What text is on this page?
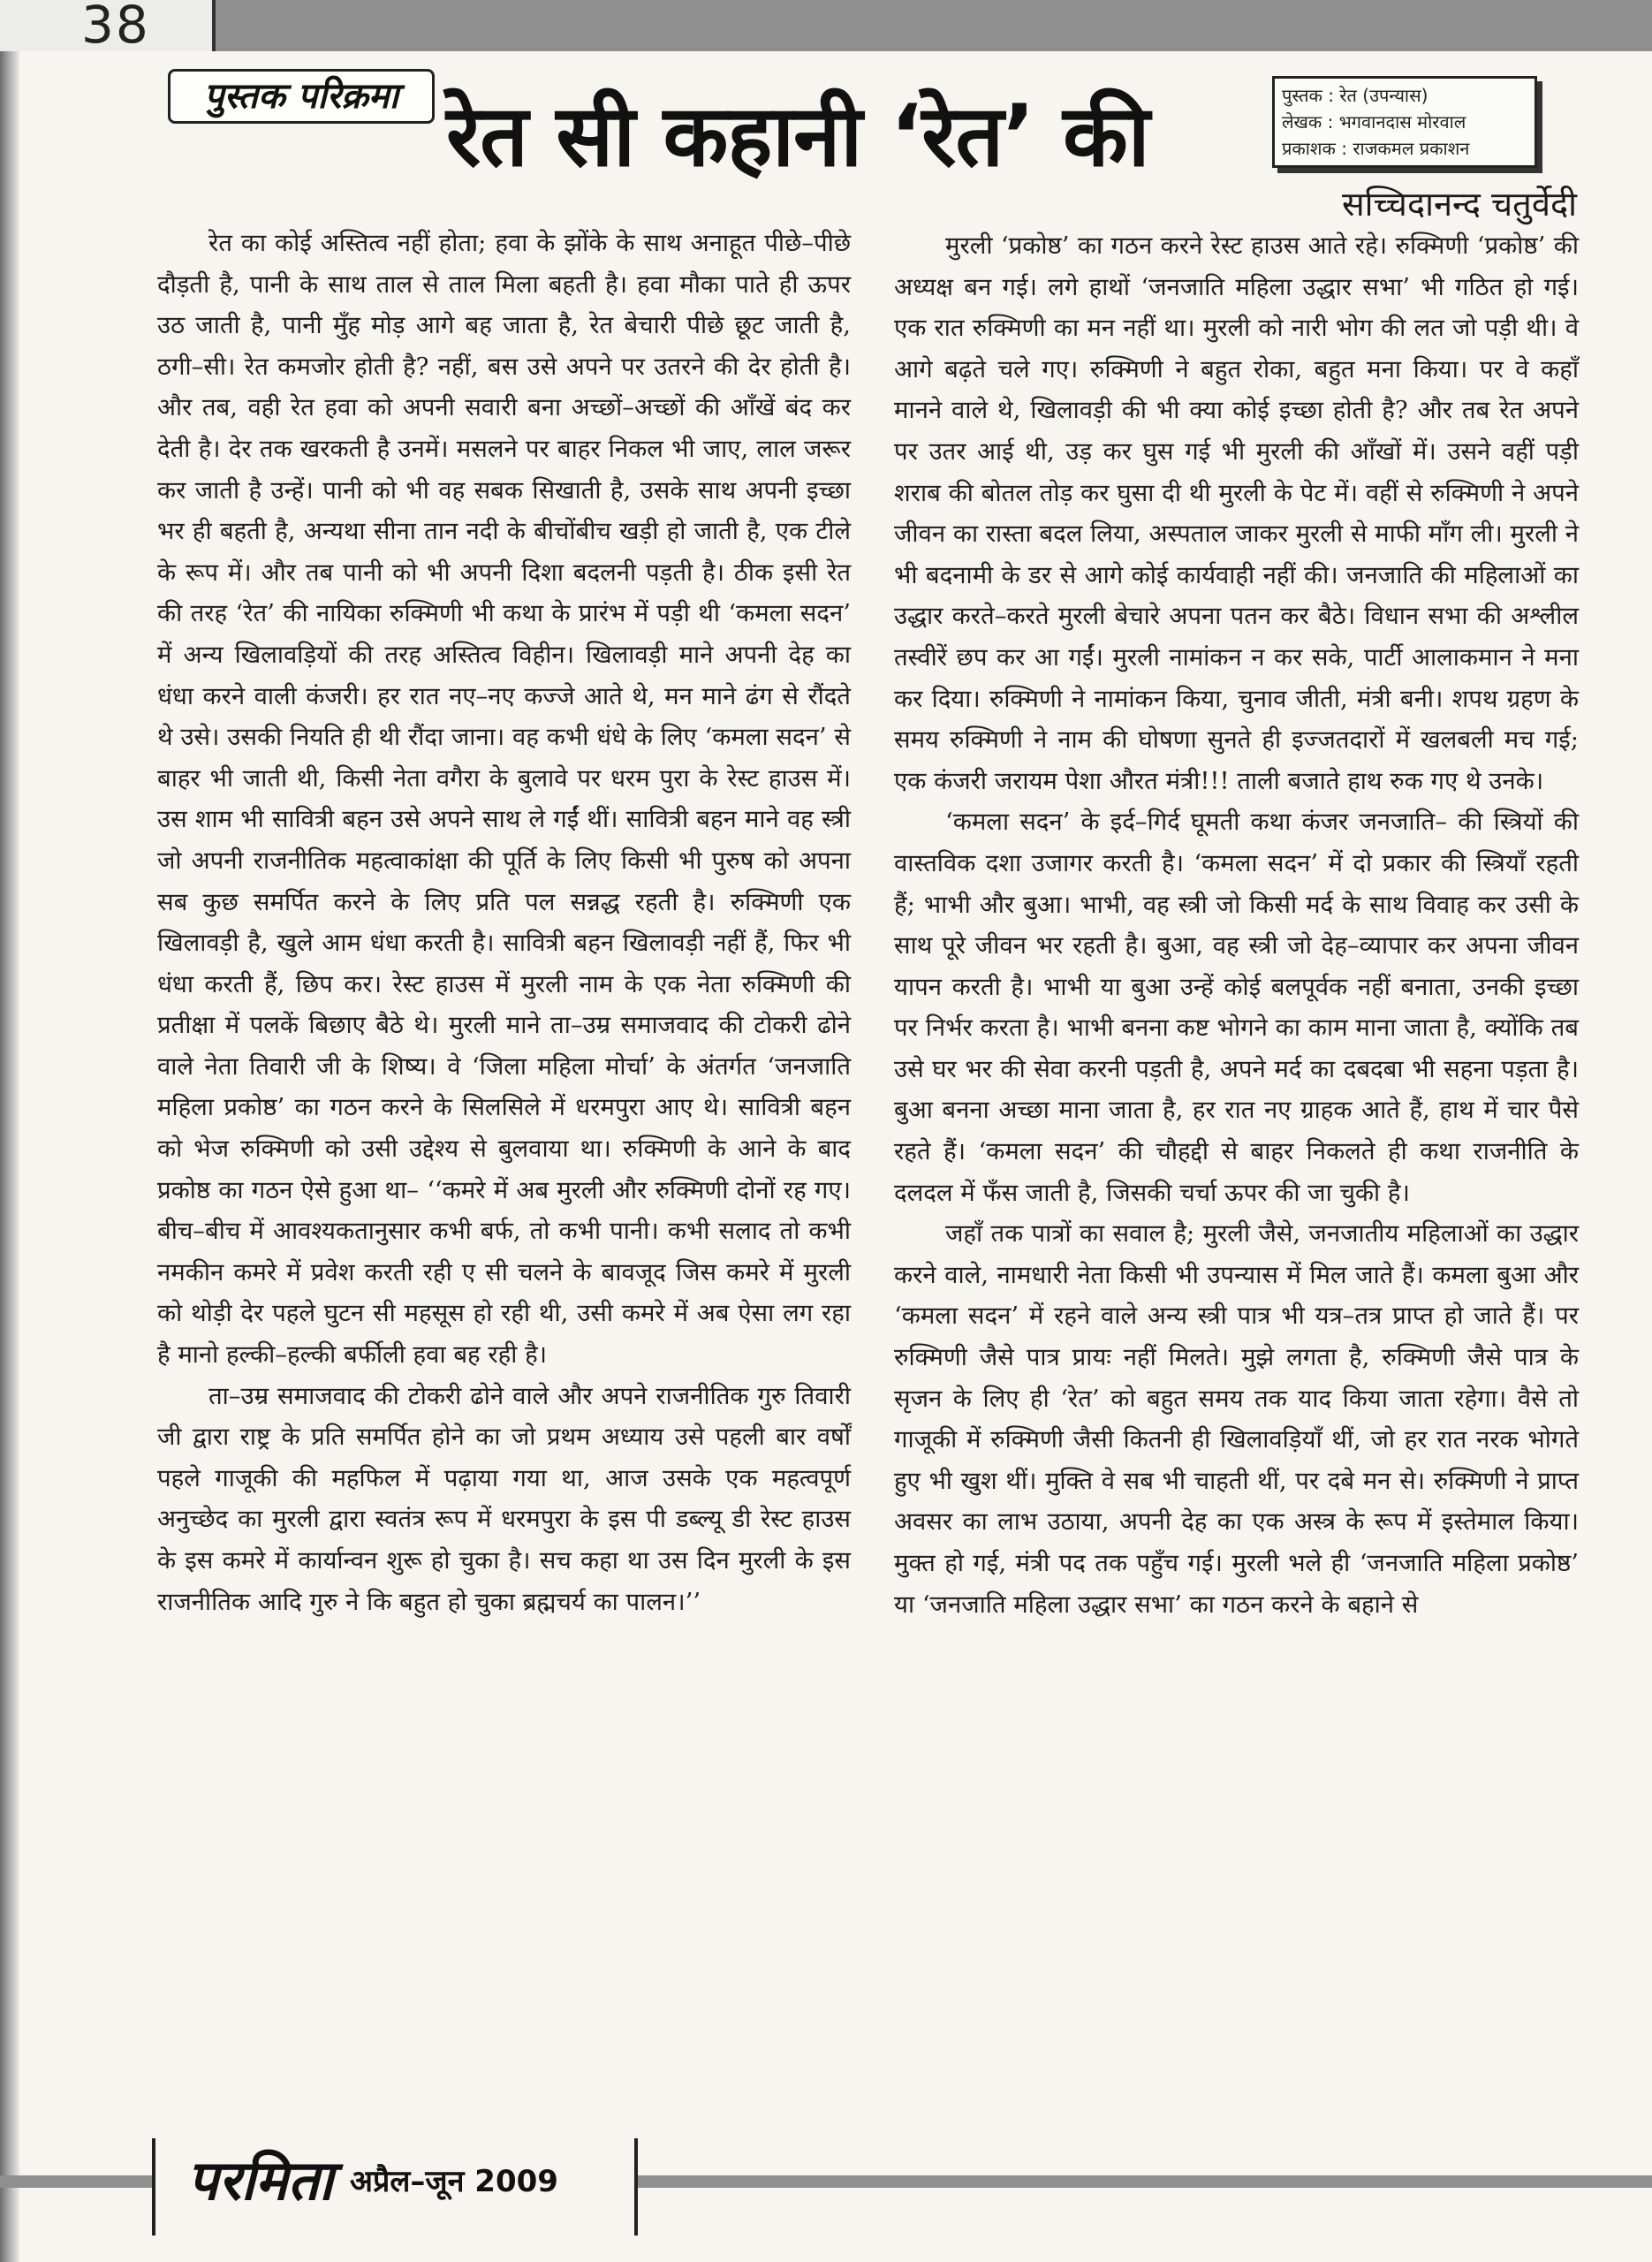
38
पुस्तक परिक्रमा रेत सी कहानी ‘रेत’ की	पुस्तक : रेत (उपन्यास)
लेखक : भगवानदास मोरवाल
प्रकाशक : राजकमल प्रकाशन
सच्चिदानन्द चतुर्वेदी

रेत का कोई अस्तित्व नहीं होता; हवा के झोंके के साथ अनाहूत पीछे–पीछे दौड़ती है, पानी के साथ ताल से ताल मिला बहती है। हवा मौका पाते ही ऊपर उठ जाती है, पानी मुँह मोड़ आगे बह जाता है, रेत बेचारी पीछे छूट जाती है, ठगी–सी। रेत कमजोर होती है? नहीं, बस उसे अपने पर उतरने की देर होती है। और तब, वही रेत हवा को अपनी सवारी बना अच्छों–अच्छों की आँखें बंद कर देती है। देर तक खरकती है उनमें। मसलने पर बाहर निकल भी जाए, लाल जरूर कर जाती है उन्हें। पानी को भी वह सबक सिखाती है, उसके साथ अपनी इच्छा भर ही बहती है, अन्यथा सीना तान नदी के बीचोंबीच खड़ी हो जाती है, एक टीले के रूप में। और तब पानी को भी अपनी दिशा बदलनी पड़ती है। ठीक इसी रेत की तरह ‘रेत’ की नायिका रुक्मिणी भी कथा के प्रारंभ में पड़ी थी ‘कमला सदन’ में अन्य खिलावड़ियों की तरह अस्तित्व विहीन। खिलावड़ी माने अपनी देह का धंधा करने वाली कंजरी। हर रात नए–नए कज्जे आते थे, मन माने ढंग से रौंदते थे उसे। उसकी नियति ही थी रौंदा जाना। वह कभी धंधे के लिए ‘कमला सदन’ से बाहर भी जाती थी, किसी नेता वगैरा के बुलावे पर धरम पुरा के रेस्ट हाउस में। उस शाम भी सावित्री बहन उसे अपने साथ ले गईं थीं। सावित्री बहन माने वह स्त्री जो अपनी राजनीतिक महत्वाकांक्षा की पूर्ति के लिए किसी भी पुरुष को अपना सब कुछ समर्पित करने के लिए प्रति पल सन्नद्ध रहती है। रुक्मिणी एक खिलावड़ी है, खुले आम धंधा करती है। सावित्री बहन खिलावड़ी नहीं हैं, फिर भी धंधा करती हैं, छिप कर। रेस्ट हाउस में मुरली नाम के एक नेता रुक्मिणी की प्रतीक्षा में पलकें बिछाए बैठे थे। मुरली माने ता–उम्र समाजवाद की टोकरी ढोने वाले नेता तिवारी जी के शिष्य। वे ‘जिला महिला मोर्चा’ के अंतर्गत ‘जनजाति महिला प्रकोष्ठ’ का गठन करने के सिलसिले में धरमपुरा आए थे। सावित्री बहन को भेज रुक्मिणी को उसी उद्देश्य से बुलवाया था। रुक्मिणी के आने के बाद प्रकोष्ठ का गठन ऐसे हुआ था– ‘‘कमरे में अब मुरली और रुक्मिणी दोनों रह गए। बीच–बीच में आवश्यकतानुसार कभी बर्फ, तो कभी पानी। कभी सलाद तो कभी नमकीन कमरे में प्रवेश करती रही ए सी चलने के बावजूद जिस कमरे में मुरली को थोड़ी देर पहले घुटन सी महसूस हो रही थी, उसी कमरे में अब ऐसा लग रहा है मानो हल्की–हल्की बर्फीली हवा बह रही है।

ता–उम्र समाजवाद की टोकरी ढोने वाले और अपने राजनीतिक गुरु तिवारी जी द्वारा राष्ट्र के प्रति समर्पित होने का जो प्रथम अध्याय उसे पहली बार वर्षों पहले गाजूकी की महफिल में पढ़ाया गया था, आज उसके एक महत्वपूर्ण अनुच्छेद का मुरली द्वारा स्वतंत्र रूप में धरमपुरा के इस पी डब्ल्यू डी रेस्ट हाउस के इस कमरे में कार्यान्वन शुरू हो चुका है। सच कहा था उस दिन मुरली के इस राजनीतिक आदि गुरु ने कि बहुत हो चुका ब्रह्मचर्य का पालन।’’

मुरली ‘प्रकोष्ठ’ का गठन करने रेस्ट हाउस आते रहे। रुक्मिणी ‘प्रकोष्ठ’ की अध्यक्ष बन गई। लगे हाथों ‘जनजाति महिला उद्धार सभा’ भी गठित हो गई। एक रात रुक्मिणी का मन नहीं था। मुरली को नारी भोग की लत जो पड़ी थी। वे आगे बढ़ते चले गए। रुक्मिणी ने बहुत रोका, बहुत मना किया। पर वे कहाँ मानने वाले थे, खिलावड़ी की भी क्या कोई इच्छा होती है? और तब रेत अपने पर उतर आई थी, उड़ कर घुस गई भी मुरली की आँखों में। उसने वहीं पड़ी शराब की बोतल तोड़ कर घुसा दी थी मुरली के पेट में। वहीं से रुक्मिणी ने अपने जीवन का रास्ता बदल लिया, अस्पताल जाकर मुरली से माफी माँग ली। मुरली ने भी बदनामी के डर से आगे कोई कार्यवाही नहीं की। जनजाति की महिलाओं का उद्धार करते–करते मुरली बेचारे अपना पतन कर बैठे। विधान सभा की अश्लील तस्वीरें छप कर आ गईं। मुरली नामांकन न कर सके, पार्टी आलाकमान ने मना कर दिया। रुक्मिणी ने नामांकन किया, चुनाव जीती, मंत्री बनी। शपथ ग्रहण के समय रुक्मिणी ने नाम की घोषणा सुनते ही इज्जतदारों में खलबली मच गई; एक कंजरी जरायम पेशा औरत मंत्री!!! ताली बजाते हाथ रुक गए थे उनके।

‘कमला सदन’ के इर्द–गिर्द घूमती कथा कंजर जनजाति– की स्त्रियों की वास्तविक दशा उजागर करती है। ‘कमला सदन’ में दो प्रकार की स्त्रियाँ रहती हैं; भाभी और बुआ। भाभी, वह स्त्री जो किसी मर्द के साथ विवाह कर उसी के साथ पूरे जीवन भर रहती है। बुआ, वह स्त्री जो देह–व्यापार कर अपना जीवन यापन करती है। भाभी या बुआ उन्हें कोई बलपूर्वक नहीं बनाता, उनकी इच्छा पर निर्भर करता है। भाभी बनना कष्ट भोगने का काम माना जाता है, क्योंकि तब उसे घर भर की सेवा करनी पड़ती है, अपने मर्द का दबदबा भी सहना पड़ता है। बुआ बनना अच्छा माना जाता है, हर रात नए ग्राहक आते हैं, हाथ में चार पैसे रहते हैं। ‘कमला सदन’ की चौहद्दी से बाहर निकलते ही कथा राजनीति के दलदल में फँस जाती है, जिसकी चर्चा ऊपर की जा चुकी है।

जहाँ तक पात्रों का सवाल है; मुरली जैसे, जनजातीय महिलाओं का उद्धार करने वाले, नामधारी नेता किसी भी उपन्यास में मिल जाते हैं। कमला बुआ और ‘कमला सदन’ में रहने वाले अन्य स्त्री पात्र भी यत्र–तत्र प्राप्त हो जाते हैं। पर रुक्मिणी जैसे पात्र प्रायः नहीं मिलते। मुझे लगता है, रुक्मिणी जैसे पात्र के सृजन के लिए ही ‘रेत’ को बहुत समय तक याद किया जाता रहेगा। वैसे तो गाजूकी में रुक्मिणी जैसी कितनी ही खिलावड़ियाँ थीं, जो हर रात नरक भोगते हुए भी खुश थीं। मुक्ति वे सब भी चाहती थीं, पर दबे मन से। रुक्मिणी ने प्राप्त अवसर का लाभ उठाया, अपनी देह का एक अस्त्र के रूप में इस्तेमाल किया। मुक्त हो गई, मंत्री पद तक पहुँच गई। मुरली भले ही ‘जनजाति महिला प्रकोष्ठ’ या ‘जनजाति महिला उद्धार सभा’ का गठन करने के बहाने से

परमिता अप्रैल–जून 2009
